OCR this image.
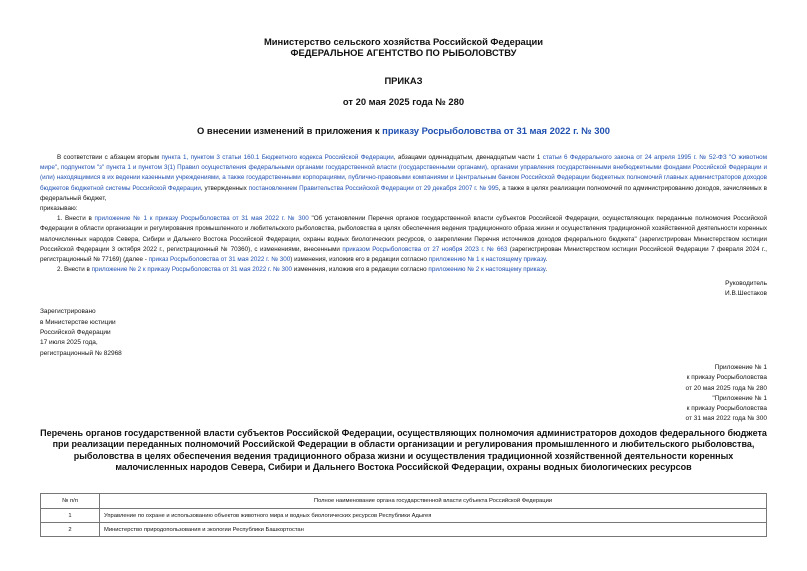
Министерство сельского хозяйства Российской Федерации
ФЕДЕРАЛЬНОЕ АГЕНТСТВО ПО РЫБОЛОВСТВУ
ПРИКАЗ
от 20 мая 2025 года № 280
О внесении изменений в приложения к приказу Росрыболовства от 31 мая 2022 г. № 300

В соответствии с абзацем вторым пункта 1, пунктом 3 статьи 160.1 Бюджетного кодекса Российской Федерации, абзацами одиннадцатым, двенадцатым части 1 статьи 6 Федерального закона от 24 апреля 1995 г. № 52-ФЗ "О животном мире", подпунктом "з" пункта 1 и пунктом 3(1) Правил осуществления федеральными органами государственной власти (государственными органами), органами управления государственными внебюджетными фондами Российской Федерации и (или) находящимися в их ведении казенными учреждениями, а также государственными корпорациями, публично-правовыми компаниями и Центральным банком Российской Федерации бюджетных полномочий главных администраторов доходов бюджетов бюджетной системы Российской Федерации, утвержденных постановлением Правительства Российской Федерации от 29 декабря 2007 г. № 995, а также в целях реализации полномочий по администрированию доходов, зачисляемых в федеральный бюджет,

приказываю:

1. Внести в приложение № 1 к приказу Росрыболовства от 31 мая 2022 г. № 300 "Об установлении Перечня органов государственной власти субъектов Российской Федерации, осуществляющих переданные полномочия Российской Федерации в области организации и регулирования промышленного и любительского рыболовства, рыболовства в целях обеспечения ведения традиционного образа жизни и осуществления традиционной хозяйственной деятельности коренных малочисленных народов Севера, Сибири и Дальнего Востока Российской Федерации, охраны водных биологических ресурсов, о закреплении Перечня источников доходов федерального бюджета" (зарегистрирован Министерством юстиции Российской Федерации 3 октября 2022 г., регистрационный № 70360), с изменениями, внесенными приказом Росрыболовства от 27 ноября 2023 г. № 663 (зарегистрирован Министерством юстиции Российской Федерации 7 февраля 2024 г., регистрационный № 77169) (далее - приказ Росрыболовства от 31 мая 2022 г. № 300) изменения, изложив его в редакции согласно приложению № 1 к настоящему приказу.

2. Внести в приложение № 2 к приказу Росрыболовства от 31 мая 2022 г. № 300 изменения, изложив его в редакции согласно приложению № 2 к настоящему приказу.

Руководитель
И.В.Шестаков
Зарегистрировано
в Министерстве юстиции
Российской Федерации
17 июля 2025 года,
регистрационный № 82968
Приложение № 1
к приказу Росрыболовства
от 20 мая 2025 года № 280
"Приложение № 1
к приказу Росрыболовства
от 31 мая 2022 года № 300
Перечень органов государственной власти субъектов Российской Федерации, осуществляющих полномочия администраторов доходов федерального бюджета при реализации переданных полномочий Российской Федерации в области организации и регулирования промышленного и любительского рыболовства, рыболовства в целях обеспечения ведения традиционного образа жизни и осуществления традиционной хозяйственной деятельности коренных малочисленных народов Севера, Сибири и Дальнего Востока Российской Федерации, охраны водных биологических ресурсов
№ п/п	Полное наименование органа государственной власти субъекта Российской Федерации
1	Управление по охране и использованию объектов животного мира и водных биологических ресурсов Республики Адыгея
2	Министерство природопользования и экологии Республики Башкортостан
